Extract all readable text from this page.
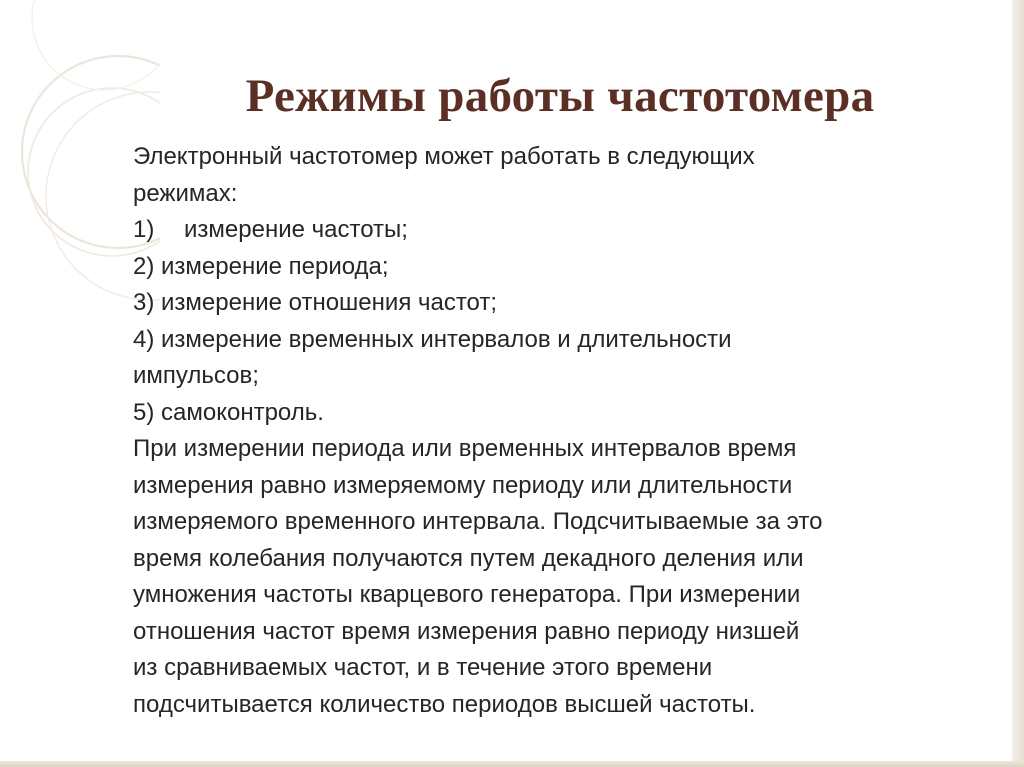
Режимы работы частотомера
Электронный частотомер может работать в следующих
режимах:
1) измерение частоты;
2) измерение периода;
3) измерение отношения частот;
4) измерение временных интервалов и длительности
импульсов;
5) самоконтроль.
При измерении периода или временных интервалов время
измерения равно измеряемому периоду или длительности
измеряемого временного интервала. Подсчитываемые за это
время колебания получаются путем декадного деления или
умножения частоты кварцевого генератора. При измерении
отношения частот время измерения равно периоду низшей
из сравниваемых частот, и в течение этого времени
подсчитывается количество периодов высшей частоты.
